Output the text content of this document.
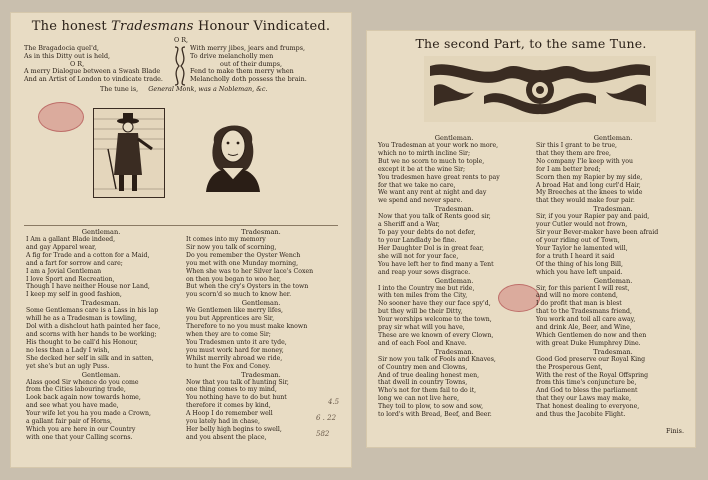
The honest Tradesmans Honour Vindicated.
O R,
The Bragadocia quel'd,
As in this Ditty out is held,
O R,
A merry Dialogue between a Swash Blade
And an Artist of London to vindicate trade.
With merry jibes, jears and frumps,
To drive melancholly men
out of their dumps,
Fend to make them merry when
Melancholly doth possess the brain.
The tune is, General Monk, was a Nobleman, &c.
Gentleman.
I Am a gallant Blade indeed,
and gay Apparel wear,
A fig for Trade and a cotton for a Maid,
and a fart for sorrow and care;
I am a Jovial Gentleman
I love Sport and Recreation,
Though I have neither House nor Land,
I keep my self in good fashion,
Tradesman.
Some Gentlemans care is a Lass in his lap
whill he as a Tradesman is towling,
Dol with a dishclout hath painted her face,
and scorns with her hands to be working;
His thought to be call'd his Honour,
no less than a Lady I wish,
She decked her self in silk and in satten,
yet she's but an ugly Puss.
Gentleman.
Alass good Sir whence do you come
from the Cities labouring trade,
Look back again now towards home,
and see what you have made,
Your wife let you ha you made a Crown,
a gallant fair pair of Horns,
Which you are here in our Country
with one that your Calling scorns.
Tradesman.
It comes into my memory
Sir now you talk of scorning,
Do you remember the Oyster Wench
you met with one Munday morning,
When she was to her Silver lace's Coxen
on then you began to woo her,
But when the cry's Oysters in the town
you scorn'd so much to know her.
Gentleman.
We Gentlemen like merry lifes,
you but Apprentices are Sir,
Therefore to no you must make known
when they are to come Sir;
You Tradesmen unto it are tyde,
you must work hard for money,
Whilst merrily abroad we ride,
to hunt the Fox and Coney.
Tradesman.
Now that you talk of hunting Sir,
one thing comes to my mind,
You nothing have to do but hunt
therefore it comes by kind,
A Hoop I do remember well
you lately had in chase,
Her belly high begins to swell,
and you absent the place,
4.5
6 . 22
582
The second Part, to the same Tune.
Gentleman.
You Tradesman at your work no more,
which no to mirth incline Sir;
But we no scorn to much to tople,
except it be at the wine Sir;
You tradesmen have great rents to pay
for that we take no care,
We want any rent at night and day
we spend and never spare.
Tradesman.
Now that you talk of Rents good sir,
a Sheriff and a War,
To pay your debts do not defer,
to your Landlady be fine.
Her Daughter Dol is in great fear,
she will not for your face,
You have left her to find many a Tent
and reap your sows disgrace.
Gentleman.
I into the Country me but ride,
with ten miles from the City,
No sooner have they our face spy'd,
but they will be their Ditty,
Your worships welcome to the town,
pray sir what will you have,
These are we known of every Clown,
and of each Fool and Knave.
Tradesman.
Sir now you talk of Fools and Knaves,
of Country men and Clowns,
And of true dealing honest men,
that dwell in country Towns,
Who's not for them fail to do it,
long we can not live here,
They toil to plow, to sow and sow,
to lord's with Bread, Beef, and Beer.
Gentleman.
Sir this I grant to be true,
that they them are free,
No company I'le keep with you
for I am better bred;
Scorn then my Rapier by my side,
A broad Hat and long curl'd Hair,
My Breeches at the knees to wide
that they would make four pair.
Tradesman.
Sir, if you your Rapier pay and paid,
your Cutler would not frown,
Sir your Bever-maker have been afraid
of your riding out of Town,
Your Taylor he lamented will,
for a truth I heard it said
Of the thing of his long Bill,
which you have left unpaid.
Gentleman.
Sir, for this parient I will rest,
and will no more contend,
I do profit that man is blest
that to the Tradesmans friend,
You work and toil all care away,
and drink Ale, Beer, and Wine,
Which Gentlemen do now and then
with great Duke Humphrey Dine.
Tradesman.
Good God preserve our Royal King
the Prosperous Gent,
With the rest of the Royal Offspring
from this time's conjuncture be,
And God to bless the parliament
that they our Laws may make,
That honest dealing to everyone,
and thus the Jacobite Flight.
Finis.
